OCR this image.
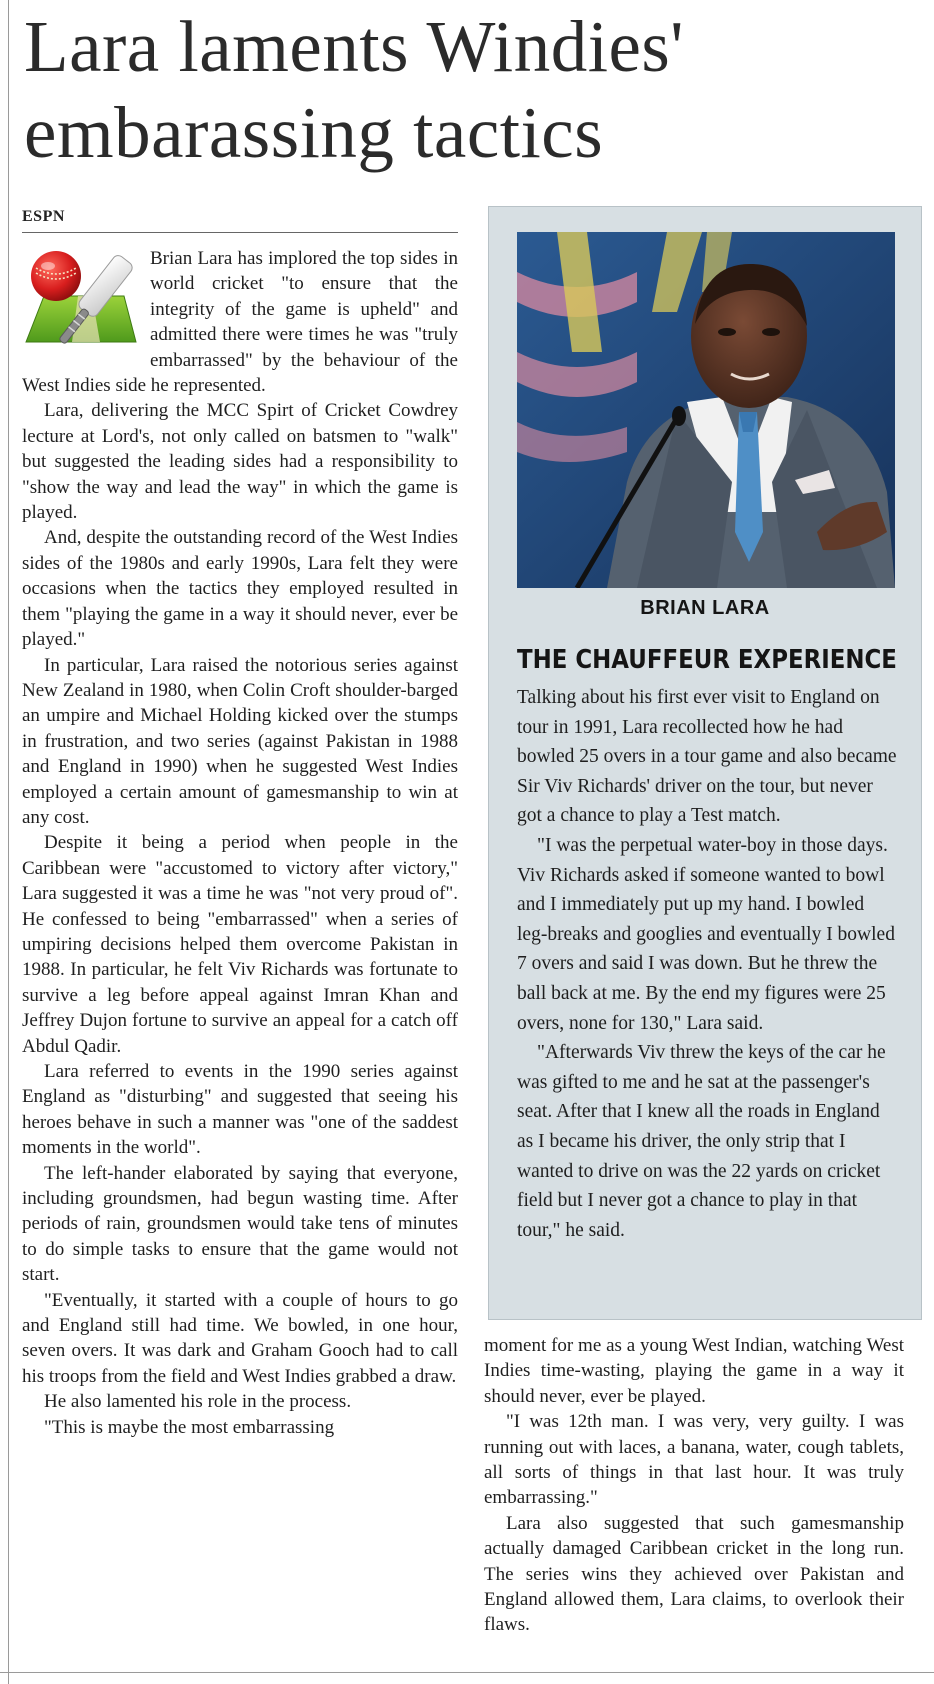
Lara laments Windies'
embarassing tactics
ESPN

Brian Lara has implored the top sides in world cricket "to ensure that the integrity of the game is upheld" and admitted there were times he was "truly embarrassed" by the behaviour of the West Indies side he represented.

Lara, delivering the MCC Spirt of Cricket Cowdrey lecture at Lord's, not only called on batsmen to "walk" but suggested the leading sides had a responsibility to "show the way and lead the way" in which the game is played.

And, despite the outstanding record of the West Indies sides of the 1980s and early 1990s, Lara felt they were occasions when the tactics they employed resulted in them "playing the game in a way it should never, ever be played."

In particular, Lara raised the notorious series against New Zealand in 1980, when Colin Croft shoulder-barged an umpire and Michael Holding kicked over the stumps in frustration, and two series (against Pakistan in 1988 and England in 1990) when he suggested West Indies employed a certain amount of gamesmanship to win at any cost.

Despite it being a period when people in the Caribbean were "accustomed to victory after victory," Lara suggested it was a time he was "not very proud of". He confessed to being "embarrassed" when a series of umpiring decisions helped them overcome Pakistan in 1988. In particular, he felt Viv Richards was fortunate to survive a leg before appeal against Imran Khan and Jeffrey Dujon fortune to survive an appeal for a catch off Abdul Qadir.

Lara referred to events in the 1990 series against England as "disturbing" and suggested that seeing his heroes behave in such a manner was "one of the saddest moments in the world".

The left-hander elaborated by saying that everyone, including groundsmen, had begun wasting time. After periods of rain, groundsmen would take tens of minutes to do simple tasks to ensure that the game would not start.

"Eventually, it started with a couple of hours to go and England still had time. We bowled, in one hour, seven overs. It was dark and Graham Gooch had to call his troops from the field and West Indies grabbed a draw.

He also lamented his role in the process.

"This is maybe the most embarrassing

BRIAN LARA
THE CHAUFFEUR EXPERIENCE

Talking about his first ever visit to England on tour in 1991, Lara recollected how he had bowled 25 overs in a tour game and also became Sir Viv Richards' driver on the tour, but never got a chance to play a Test match.

"I was the perpetual water-boy in those days. Viv Richards asked if someone wanted to bowl and I immediately put up my hand. I bowled leg-breaks and googlies and eventually I bowled 7 overs and said I was down. But he threw the ball back at me. By the end my figures were 25 overs, none for 130," Lara said.

"Afterwards Viv threw the keys of the car he was gifted to me and he sat at the passenger's seat. After that I knew all the roads in England as I became his driver, the only strip that I wanted to drive on was the 22 yards on cricket field but I never got a chance to play in that tour," he said.

moment for me as a young West Indian, watching West Indies time-wasting, playing the game in a way it should never, ever be played.

"I was 12th man. I was very, very guilty. I was running out with laces, a banana, water, cough tablets, all sorts of things in that last hour. It was truly embarrassing."

Lara also suggested that such gamesmanship actually damaged Caribbean cricket in the long run. The series wins they achieved over Pakistan and England allowed them, Lara claims, to overlook their flaws.
